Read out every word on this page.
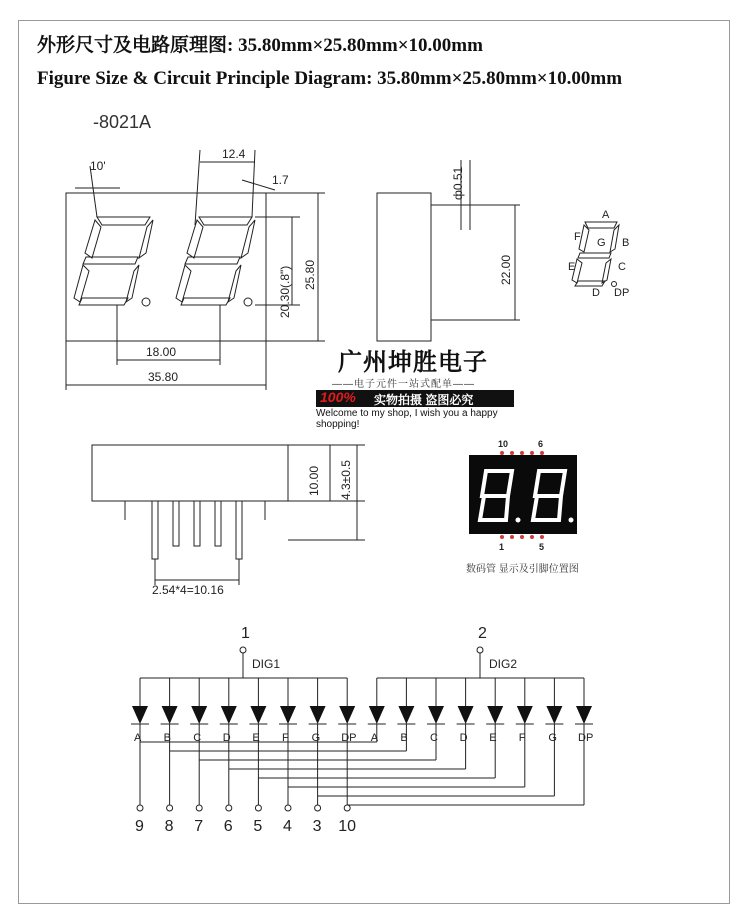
外形尺寸及电路原理图: 35.80mm×25.80mm×10.00mm
Figure Size & Circuit Principle Diagram: 35.80mm×25.80mm×10.00mm
-8021A
10'
12.4
1.7
20.30(.8") 25.80
18.00
35.80
ф0.51
22.00
10.00 4.3±0.5
2.54*4=10.16
A
F G B
E	C
D DP
10	6
1	5
A B C D E F G DP A B C D E F G DP
9 8 7 6 5 4 3 10
1	2
DIG1	DIG2
广州坤胜电子
——电子元件一站式配单——
100% 实物拍摄 盗图必究
Welcome to my shop, I wish you a happy shopping!
数码管 显示及引脚位置图
